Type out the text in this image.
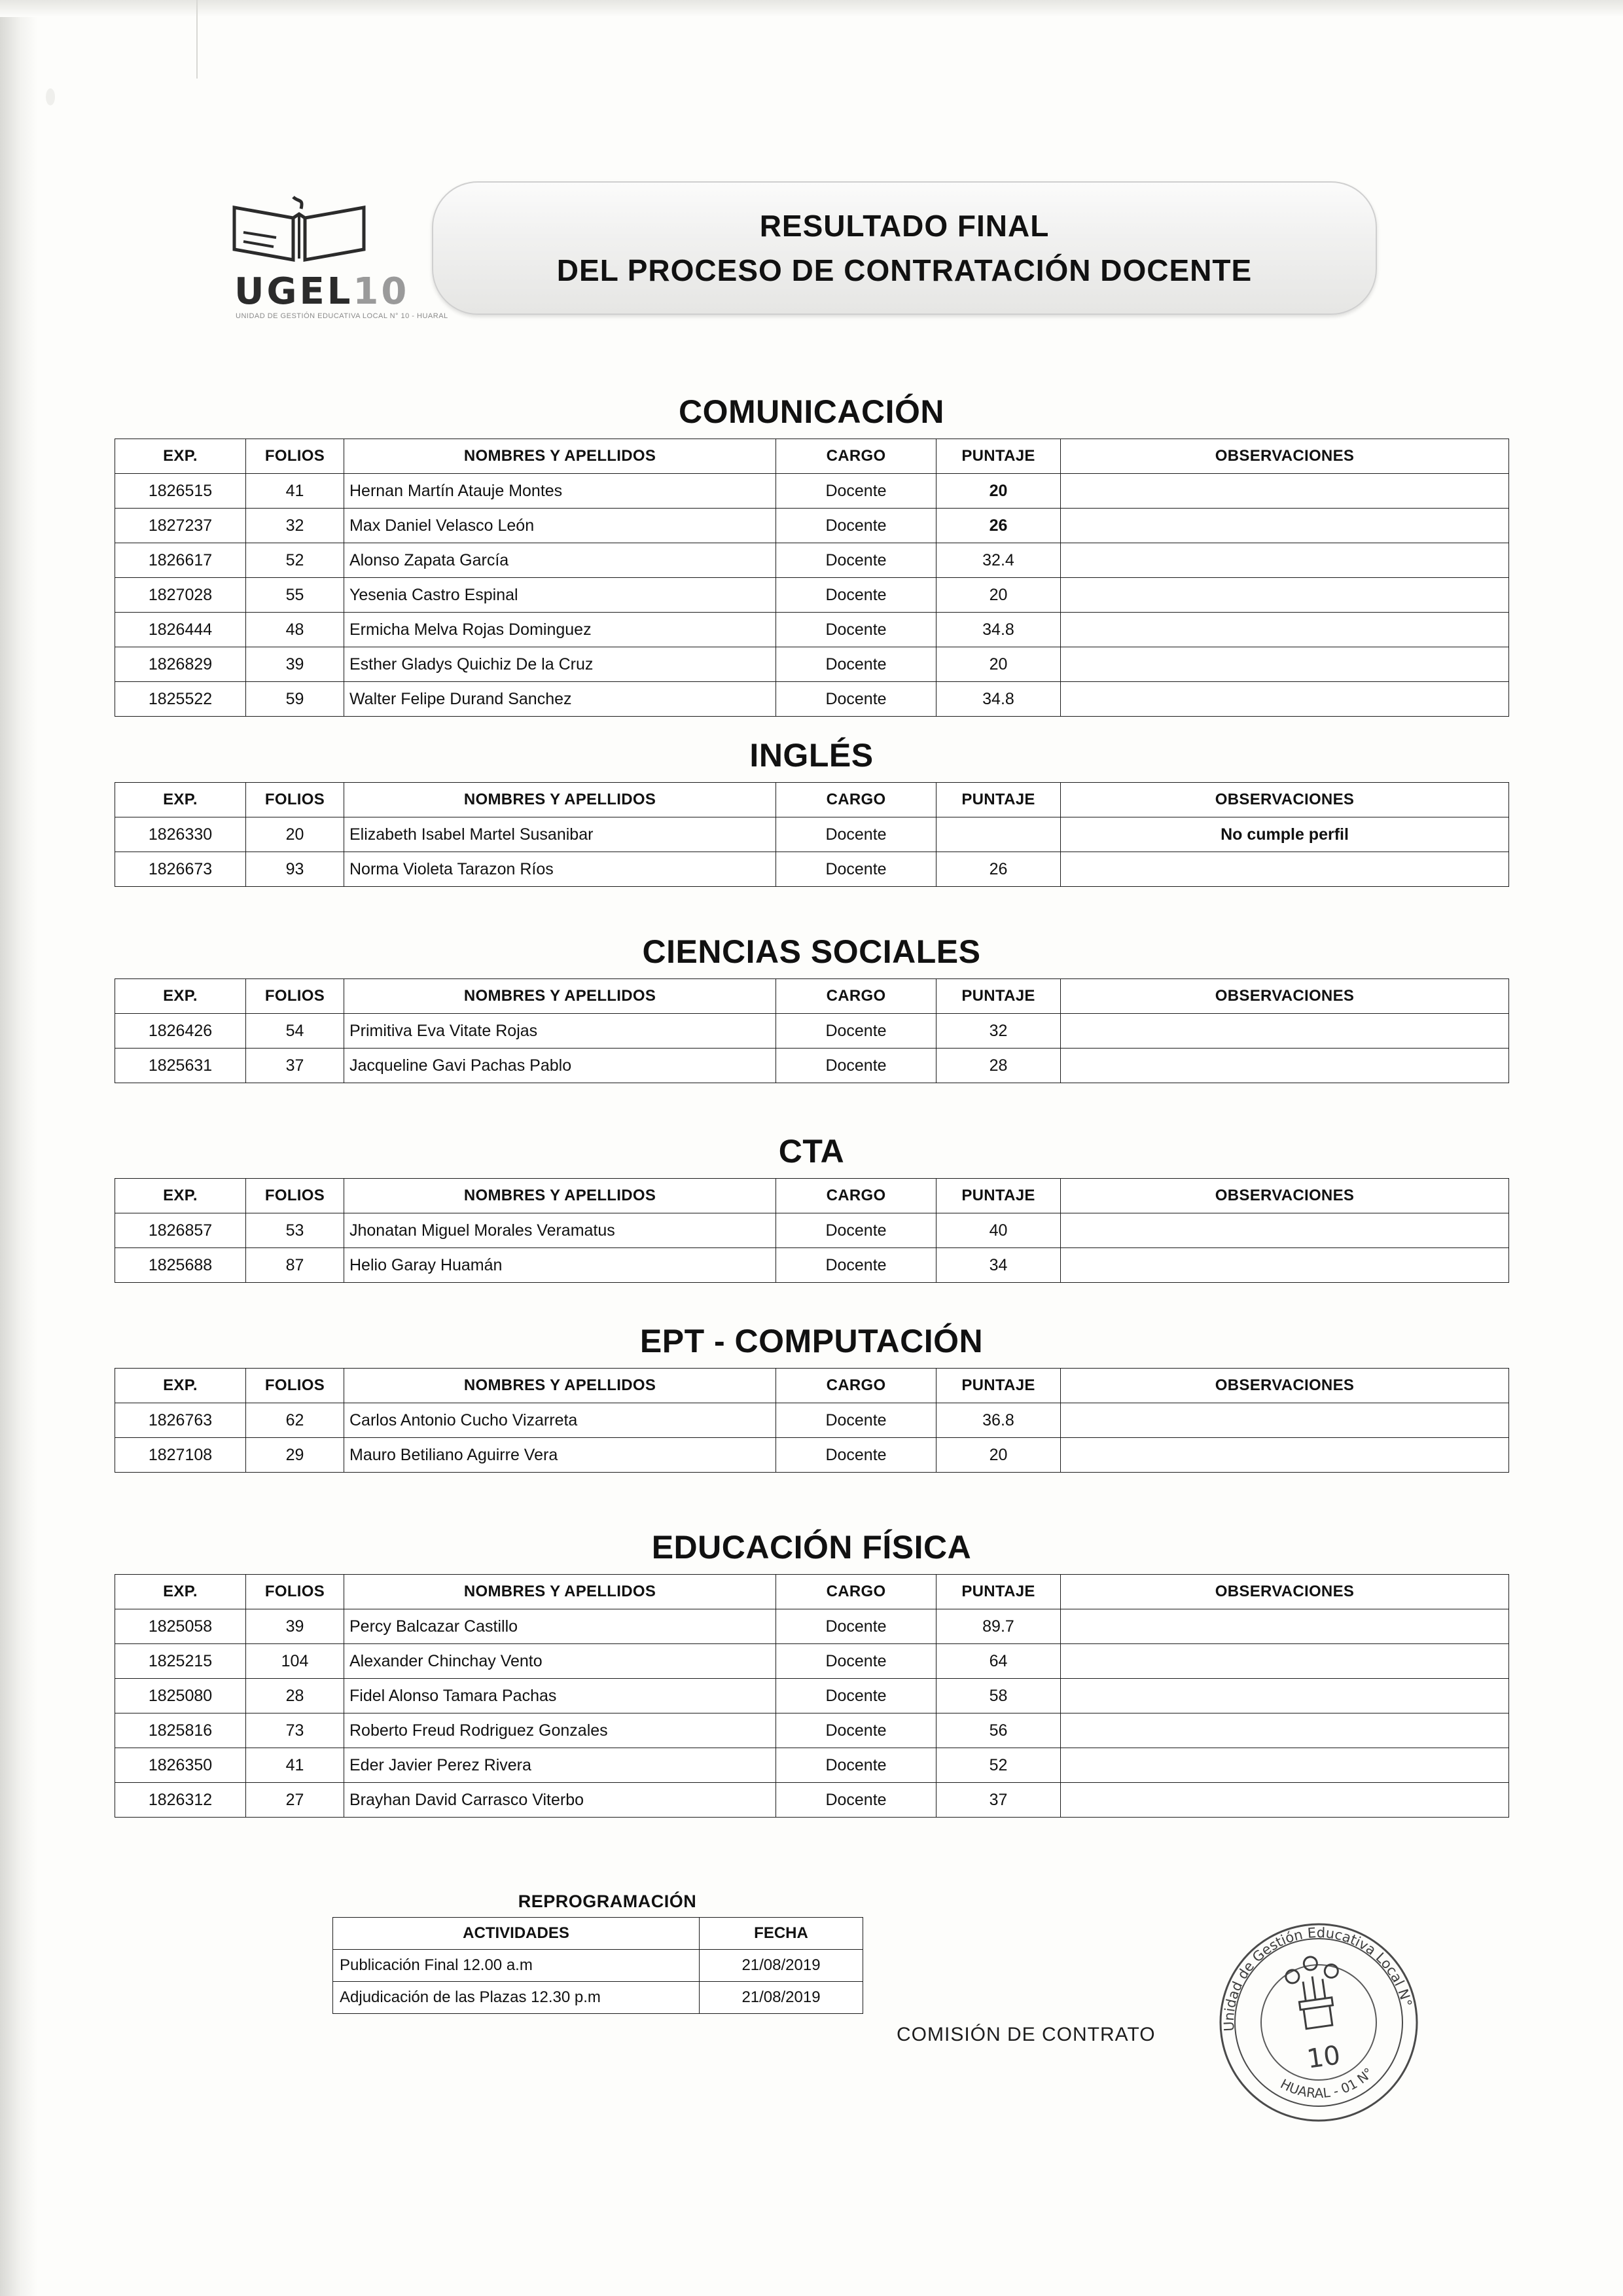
UGEL10
UNIDAD DE GESTIÓN EDUCATIVA LOCAL N° 10 - HUARAL
RESULTADO FINAL
DEL PROCESO DE CONTRATACIÓN DOCENTE
COMUNICACIÓN
EXP.	FOLIOS	NOMBRES Y APELLIDOS	CARGO	PUNTAJE	OBSERVACIONES
1826515	41	Hernan Martín Atauje Montes	Docente	20	
1827237	32	Max Daniel Velasco León	Docente	26	
1826617	52	Alonso Zapata García	Docente	32.4	
1827028	55	Yesenia Castro Espinal	Docente	20	
1826444	48	Ermicha Melva Rojas Dominguez	Docente	34.8	
1826829	39	Esther Gladys Quichiz De la Cruz	Docente	20	
1825522	59	Walter Felipe Durand Sanchez	Docente	34.8	
INGLÉS
EXP.	FOLIOS	NOMBRES Y APELLIDOS	CARGO	PUNTAJE	OBSERVACIONES
1826330	20	Elizabeth Isabel Martel Susanibar	Docente		No cumple perfil
1826673	93	Norma Violeta Tarazon Ríos	Docente	26	
CIENCIAS SOCIALES
EXP.	FOLIOS	NOMBRES Y APELLIDOS	CARGO	PUNTAJE	OBSERVACIONES
1826426	54	Primitiva Eva Vitate Rojas	Docente	32	
1825631	37	Jacqueline Gavi Pachas Pablo	Docente	28	
CTA
EXP.	FOLIOS	NOMBRES Y APELLIDOS	CARGO	PUNTAJE	OBSERVACIONES
1826857	53	Jhonatan Miguel Morales Veramatus	Docente	40	
1825688	87	Helio Garay Huamán	Docente	34	
EPT - COMPUTACIÓN
EXP.	FOLIOS	NOMBRES Y APELLIDOS	CARGO	PUNTAJE	OBSERVACIONES
1826763	62	Carlos Antonio Cucho Vizarreta	Docente	36.8	
1827108	29	Mauro Betiliano Aguirre Vera	Docente	20	
EDUCACIÓN FÍSICA
EXP.	FOLIOS	NOMBRES Y APELLIDOS	CARGO	PUNTAJE	OBSERVACIONES
1825058	39	Percy Balcazar Castillo	Docente	89.7	
1825215	104	Alexander Chinchay Vento	Docente	64	
1825080	28	Fidel Alonso Tamara Pachas	Docente	58	
1825816	73	Roberto Freud Rodriguez Gonzales	Docente	56	
1826350	41	Eder Javier Perez Rivera	Docente	52	
1826312	27	Brayhan David Carrasco Viterbo	Docente	37	
REPROGRAMACIÓN
ACTIVIDADES	FECHA
Publicación Final 12.00 a.m	21/08/2019
Adjudicación de las Plazas 12.30 p.m	21/08/2019
COMISIÓN DE CONTRATO	Unidad de Gestión Educativa Local N°
HUARAL - 01 N°
10
